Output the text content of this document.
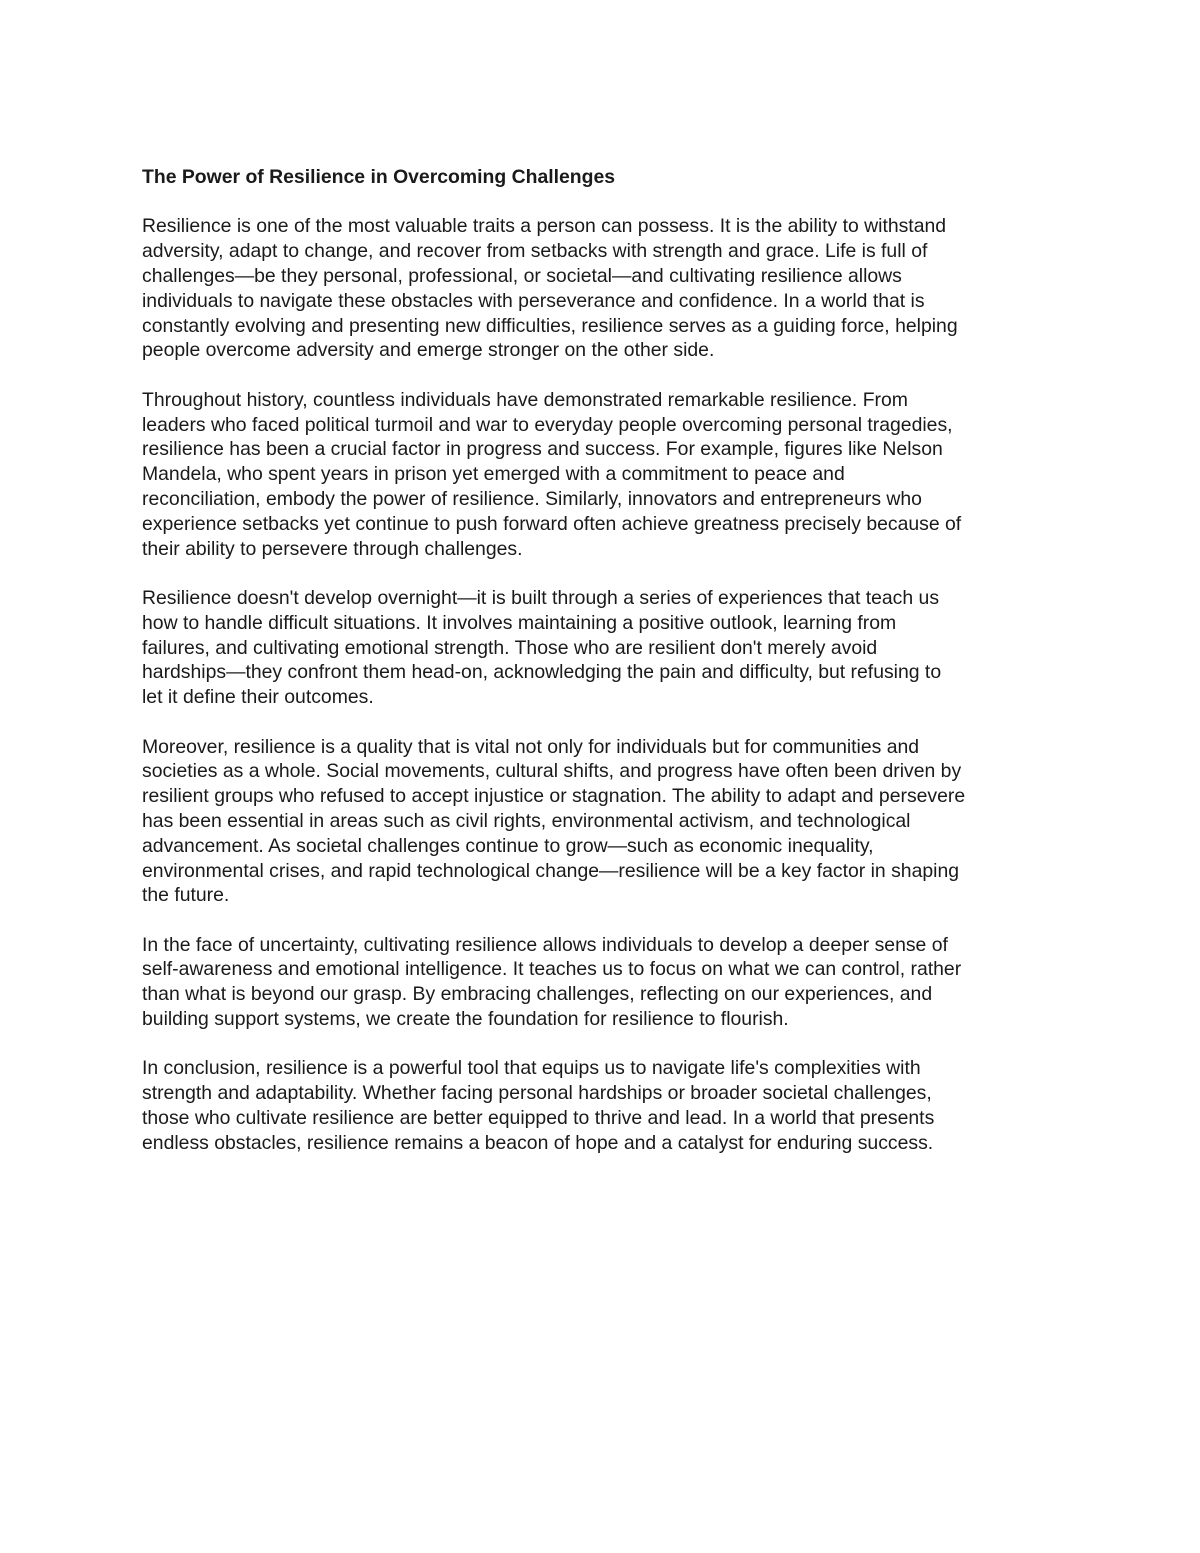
The Power of Resilience in Overcoming Challenges
Resilience is one of the most valuable traits a person can possess. It is the ability to withstand
adversity, adapt to change, and recover from setbacks with strength and grace. Life is full of
challenges—be they personal, professional, or societal—and cultivating resilience allows
individuals to navigate these obstacles with perseverance and confidence. In a world that is
constantly evolving and presenting new difficulties, resilience serves as a guiding force, helping
people overcome adversity and emerge stronger on the other side.
Throughout history, countless individuals have demonstrated remarkable resilience. From
leaders who faced political turmoil and war to everyday people overcoming personal tragedies,
resilience has been a crucial factor in progress and success. For example, figures like Nelson
Mandela, who spent years in prison yet emerged with a commitment to peace and
reconciliation, embody the power of resilience. Similarly, innovators and entrepreneurs who
experience setbacks yet continue to push forward often achieve greatness precisely because of
their ability to persevere through challenges.
Resilience doesn't develop overnight—it is built through a series of experiences that teach us
how to handle difficult situations. It involves maintaining a positive outlook, learning from
failures, and cultivating emotional strength. Those who are resilient don't merely avoid
hardships—they confront them head-on, acknowledging the pain and difficulty, but refusing to
let it define their outcomes.
Moreover, resilience is a quality that is vital not only for individuals but for communities and
societies as a whole. Social movements, cultural shifts, and progress have often been driven by
resilient groups who refused to accept injustice or stagnation. The ability to adapt and persevere
has been essential in areas such as civil rights, environmental activism, and technological
advancement. As societal challenges continue to grow—such as economic inequality,
environmental crises, and rapid technological change—resilience will be a key factor in shaping
the future.
In the face of uncertainty, cultivating resilience allows individuals to develop a deeper sense of
self-awareness and emotional intelligence. It teaches us to focus on what we can control, rather
than what is beyond our grasp. By embracing challenges, reflecting on our experiences, and
building support systems, we create the foundation for resilience to flourish.
In conclusion, resilience is a powerful tool that equips us to navigate life's complexities with
strength and adaptability. Whether facing personal hardships or broader societal challenges,
those who cultivate resilience are better equipped to thrive and lead. In a world that presents
endless obstacles, resilience remains a beacon of hope and a catalyst for enduring success.
